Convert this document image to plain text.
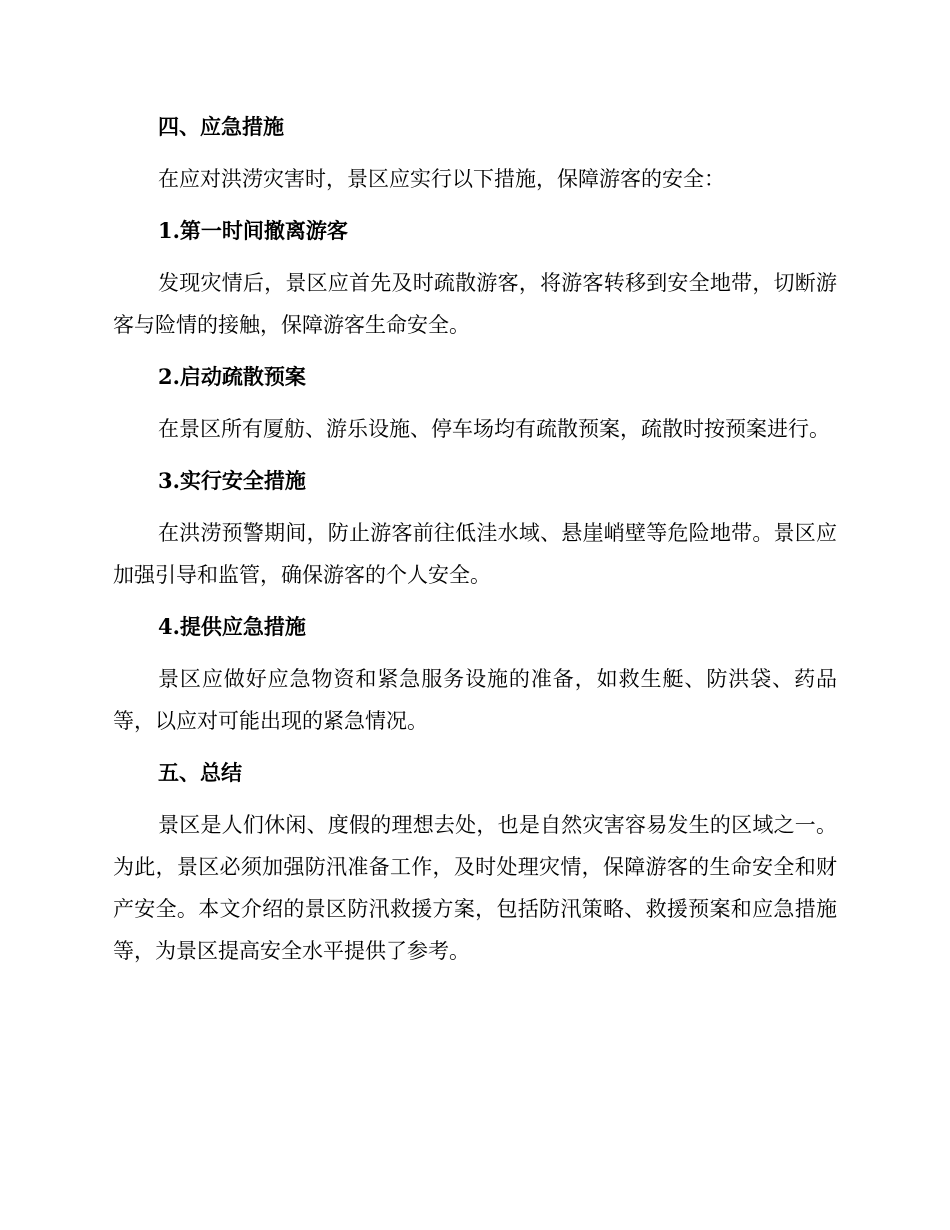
四、应急措施

在应对洪涝灾害时，景区应实行以下措施，保障游客的安全：

1.第一时间撤离游客

发现灾情后，景区应首先及时疏散游客，将游客转移到安全地带，切断游客与险情的接触，保障游客生命安全。

2.启动疏散预案

在景区所有厦舫、游乐设施、停车场均有疏散预案，疏散时按预案进行。

3.实行安全措施

在洪涝预警期间，防止游客前往低洼水域、悬崖峭壁等危险地带。景区应加强引导和监管，确保游客的个人安全。

4.提供应急措施

景区应做好应急物资和紧急服务设施的准备，如救生艇、防洪袋、药品等，以应对可能出现的紧急情况。

五、总结

景区是人们休闲、度假的理想去处，也是自然灾害容易发生的区域之一。为此，景区必须加强防汛准备工作，及时处理灾情，保障游客的生命安全和财产安全。本文介绍的景区防汛救援方案，包括防汛策略、救援预案和应急措施等，为景区提高安全水平提供了参考。
